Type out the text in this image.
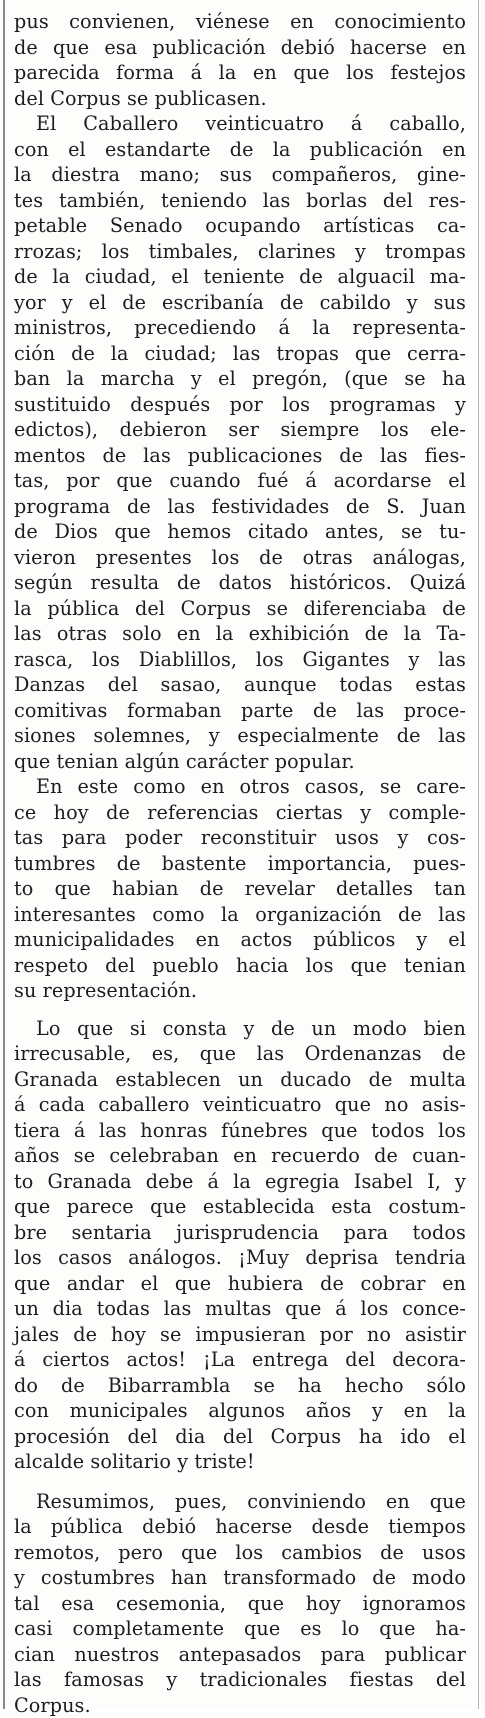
pus convienen, viénese en conocimiento
de que esa publicación debió hacerse en
parecida forma á la en que los festejos
del Corpus se publicasen.
El Caballero veinticuatro á caballo,
con el estandarte de la publicación en
la diestra mano; sus compañeros, gine-
tes también, teniendo las borlas del res-
petable Senado ocupando artísticas ca-
rrozas; los timbales, clarines y trompas
de la ciudad, el teniente de alguacil ma-
yor y el de escribanía de cabildo y sus
ministros, precediendo á la representa-
ción de la ciudad; las tropas que cerra-
ban la marcha y el pregón, (que se ha
sustituido después por los programas y
edictos), debieron ser siempre los ele-
mentos de las publicaciones de las fies-
tas, por que cuando fué á acordarse el
programa de las festividades de S. Juan
de Dios que hemos citado antes, se tu-
vieron presentes los de otras análogas,
según resulta de datos históricos. Quizá
la pública del Corpus se diferenciaba de
las otras solo en la exhibición de la Ta-
rasca, los Diablillos, los Gigantes y las
Danzas del sasao, aunque todas estas
comitivas formaban parte de las proce-
siones solemnes, y especialmente de las
que tenian algún carácter popular.
En este como en otros casos, se care-
ce hoy de referencias ciertas y comple-
tas para poder reconstituir usos y cos-
tumbres de bastente importancia, pues-
to que habian de revelar detalles tan
interesantes como la organización de las
municipalidades en actos públicos y el
respeto del pueblo hacia los que tenian
su representación.
Lo que si consta y de un modo bien
irrecusable, es, que las Ordenanzas de
Granada establecen un ducado de multa
á cada caballero veinticuatro que no asis-
tiera á las honras fúnebres que todos los
años se celebraban en recuerdo de cuan-
to Granada debe á la egregia Isabel I, y
que parece que establecida esta costum-
bre sentaria jurisprudencia para todos
los casos análogos. ¡Muy deprisa tendria
que andar el que hubiera de cobrar en
un dia todas las multas que á los conce-
jales de hoy se impusieran por no asistir
á ciertos actos! ¡La entrega del decora-
do de Bibarrambla se ha hecho sólo
con municipales algunos años y en la
procesión del dia del Corpus ha ido el
alcalde solitario y triste!
Resumimos, pues, conviniendo en que
la pública debió hacerse desde tiempos
remotos, pero que los cambios de usos
y costumbres han transformado de modo
tal esa cesemonia, que hoy ignoramos
casi completamente que es lo que ha-
cian nuestros antepasados para publicar
las famosas y tradicionales fiestas del
Corpus.
